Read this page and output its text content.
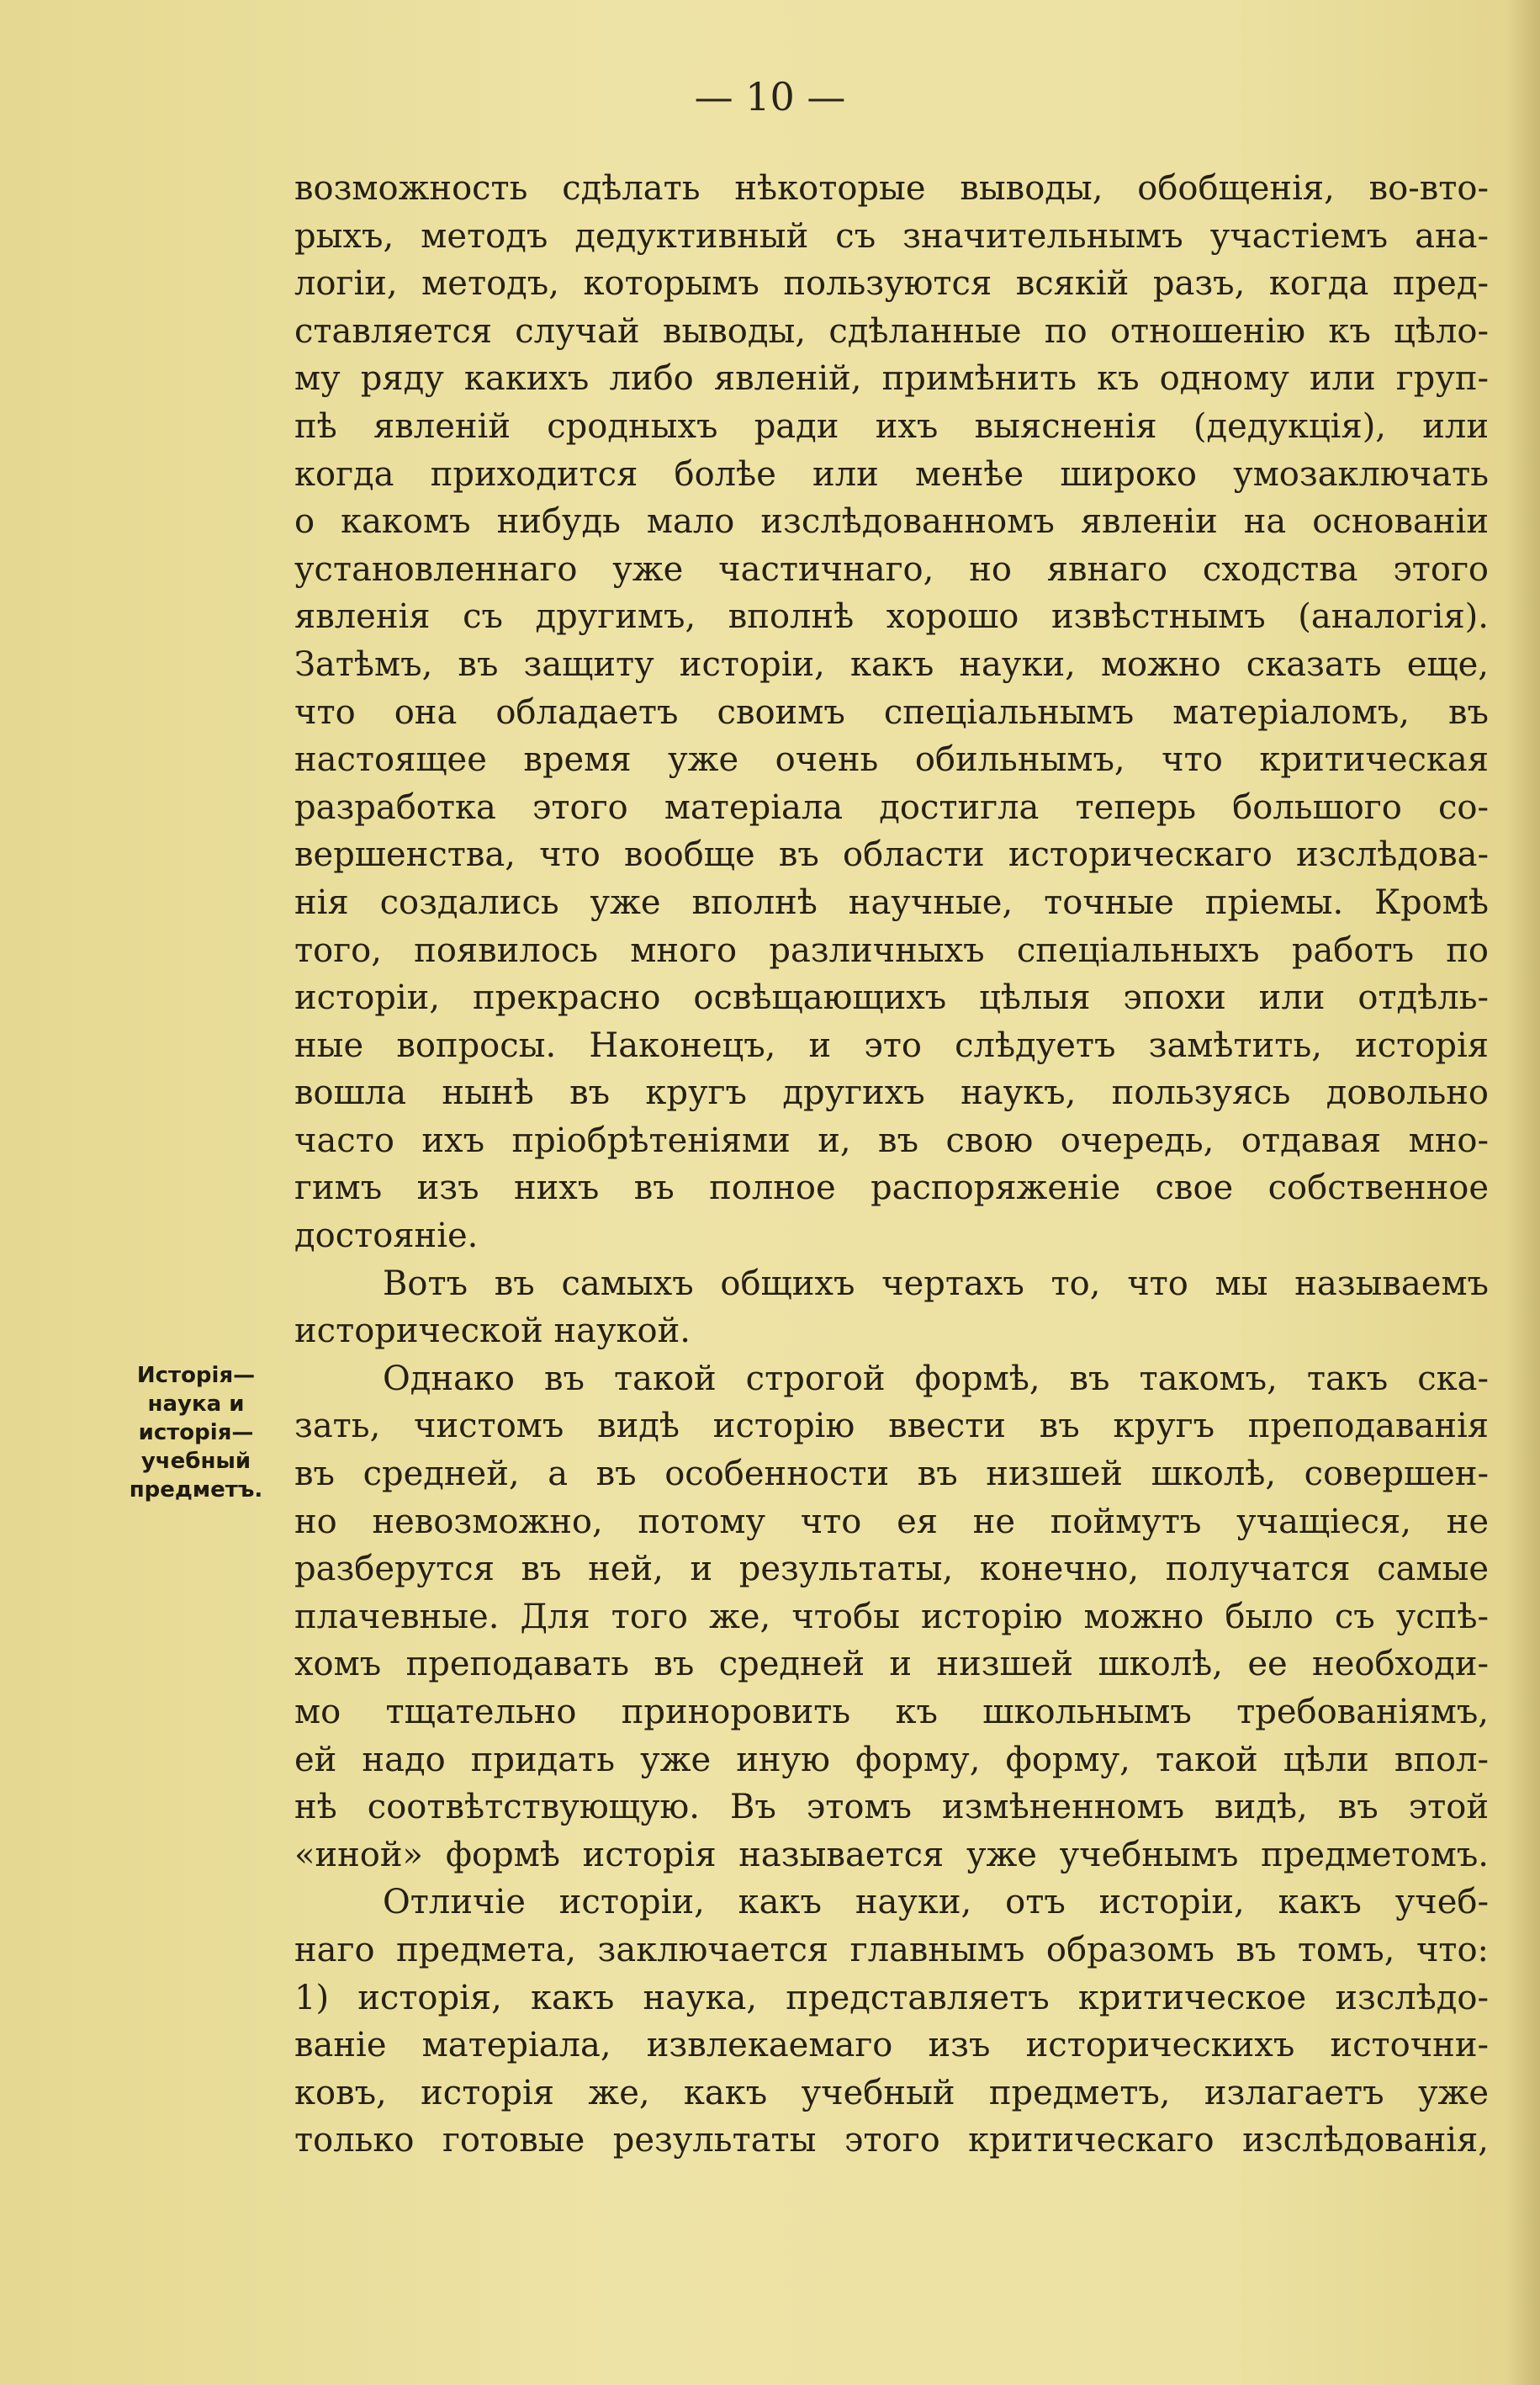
— 10 —
Исторія—
наука и
исторія—
учебный
предметъ.
возможность сдѣлать нѣкоторые выводы, обобщенія, во-вто-
рыхъ, методъ дедуктивный съ значительнымъ участіемъ ана-
логіи, методъ, которымъ пользуются всякій разъ, когда пред-
ставляется случай выводы, сдѣланные по отношенію къ цѣло-
му ряду какихъ либо явленій, примѣнить къ одному или груп-
пѣ явленій сродныхъ ради ихъ выясненія (дедукція), или
когда приходится болѣе или менѣе широко умозаключать
о какомъ нибудь мало изслѣдованномъ явленіи на основаніи
установленнаго уже частичнаго, но явнаго сходства этого
явленія съ другимъ, вполнѣ хорошо извѣстнымъ (аналогія).
Затѣмъ, въ защиту исторіи, какъ науки, можно сказать еще,
что она обладаетъ своимъ спеціальнымъ матеріаломъ, въ
настоящее время уже очень обильнымъ, что критическая
разработка этого матеріала достигла теперь большого со-
вершенства, что вообще въ области историческаго изслѣдова-
нія создались уже вполнѣ научные, точные пріемы. Кромѣ
того, появилось много различныхъ спеціальныхъ работъ по
исторіи, прекрасно освѣщающихъ цѣлыя эпохи или отдѣль-
ные вопросы. Наконецъ, и это слѣдуетъ замѣтить, исторія
вошла нынѣ въ кругъ другихъ наукъ, пользуясь довольно
часто ихъ пріобрѣтеніями и, въ свою очередь, отдавая мно-
гимъ изъ нихъ въ полное распоряженіе свое собственное
достояніе.
Вотъ въ самыхъ общихъ чертахъ то, что мы называемъ
исторической наукой.
Однако въ такой строгой формѣ, въ такомъ, такъ ска-
зать, чистомъ видѣ исторію ввести въ кругъ преподаванія
въ средней, а въ особенности въ низшей школѣ, совершен-
но невозможно, потому что ея не поймутъ учащіеся, не
разберутся въ ней, и результаты, конечно, получатся самые
плачевные. Для того же, чтобы исторію можно было съ успѣ-
хомъ преподавать въ средней и низшей школѣ, ее необходи-
мо тщательно приноровить къ школьнымъ требованіямъ,
ей надо придать уже иную форму, форму, такой цѣли впол-
нѣ соотвѣтствующую. Въ этомъ измѣненномъ видѣ, въ этой
«иной» формѣ исторія называется уже учебнымъ предметомъ.
Отличіе исторіи, какъ науки, отъ исторіи, какъ учеб-
наго предмета, заключается главнымъ образомъ въ томъ, что:
1) исторія, какъ наука, представляетъ критическое изслѣдо-
ваніе матеріала, извлекаемаго изъ историческихъ источни-
ковъ, исторія же, какъ учебный предметъ, излагаетъ уже
только готовые результаты этого критическаго изслѣдованія,
